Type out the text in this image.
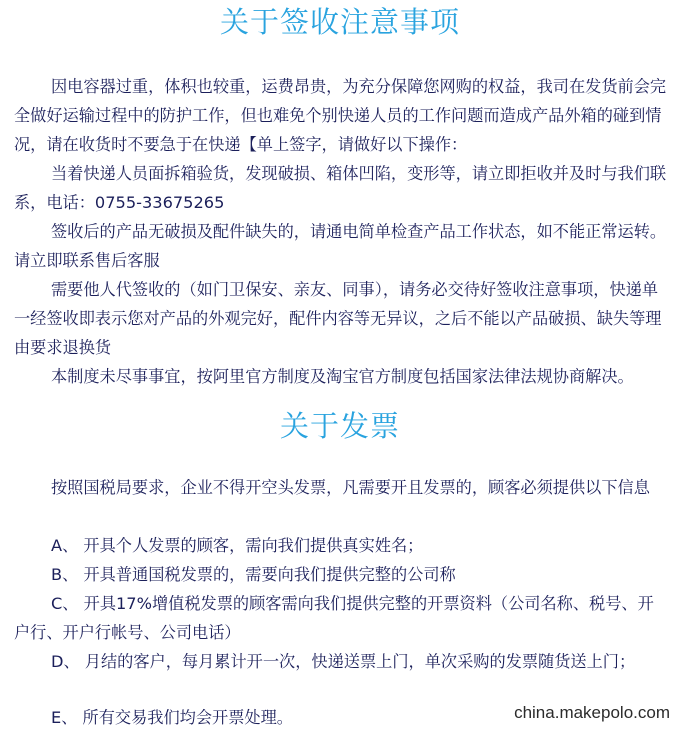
关于签收注意事项

因电容器过重，体积也较重，运费昂贵，为充分保障您网购的权益，我司在发货前会完全做好运输过程中的防护工作，但也难免个别快递人员的工作问题而造成产品外箱的碰到情况，请在收货时不要急于在快递【单上签字，请做好以下操作：

当着快递人员面拆箱验货，发现破损、箱体凹陷，变形等，请立即拒收并及时与我们联系，电话：0755-33675265

签收后的产品无破损及配件缺失的，请通电简单检查产品工作状态，如不能正常运转。请立即联系售后客服

需要他人代签收的（如门卫保安、亲友、同事），请务必交待好签收注意事项，快递单一经签收即表示您对产品的外观完好，配件内容等无异议，之后不能以产品破损、缺失等理由要求退换货

本制度未尽事事宜，按阿里官方制度及淘宝官方制度包括国家法律法规协商解决。

关于发票

按照国税局要求，企业不得开空头发票，凡需要开且发票的，顾客必须提供以下信息

A、 开具个人发票的顾客，需向我们提供真实姓名；

B、 开具普通国税发票的，需要向我们提供完整的公司称

C、 开具17%增值税发票的顾客需向我们提供完整的开票资料（公司名称、税号、开户行、开户行帐号、公司电话）

D、 月结的客户，每月累计开一次，快递送票上门，单次采购的发票随货送上门；

E、 所有交易我们均会开票处理。	china.makepolo.com
